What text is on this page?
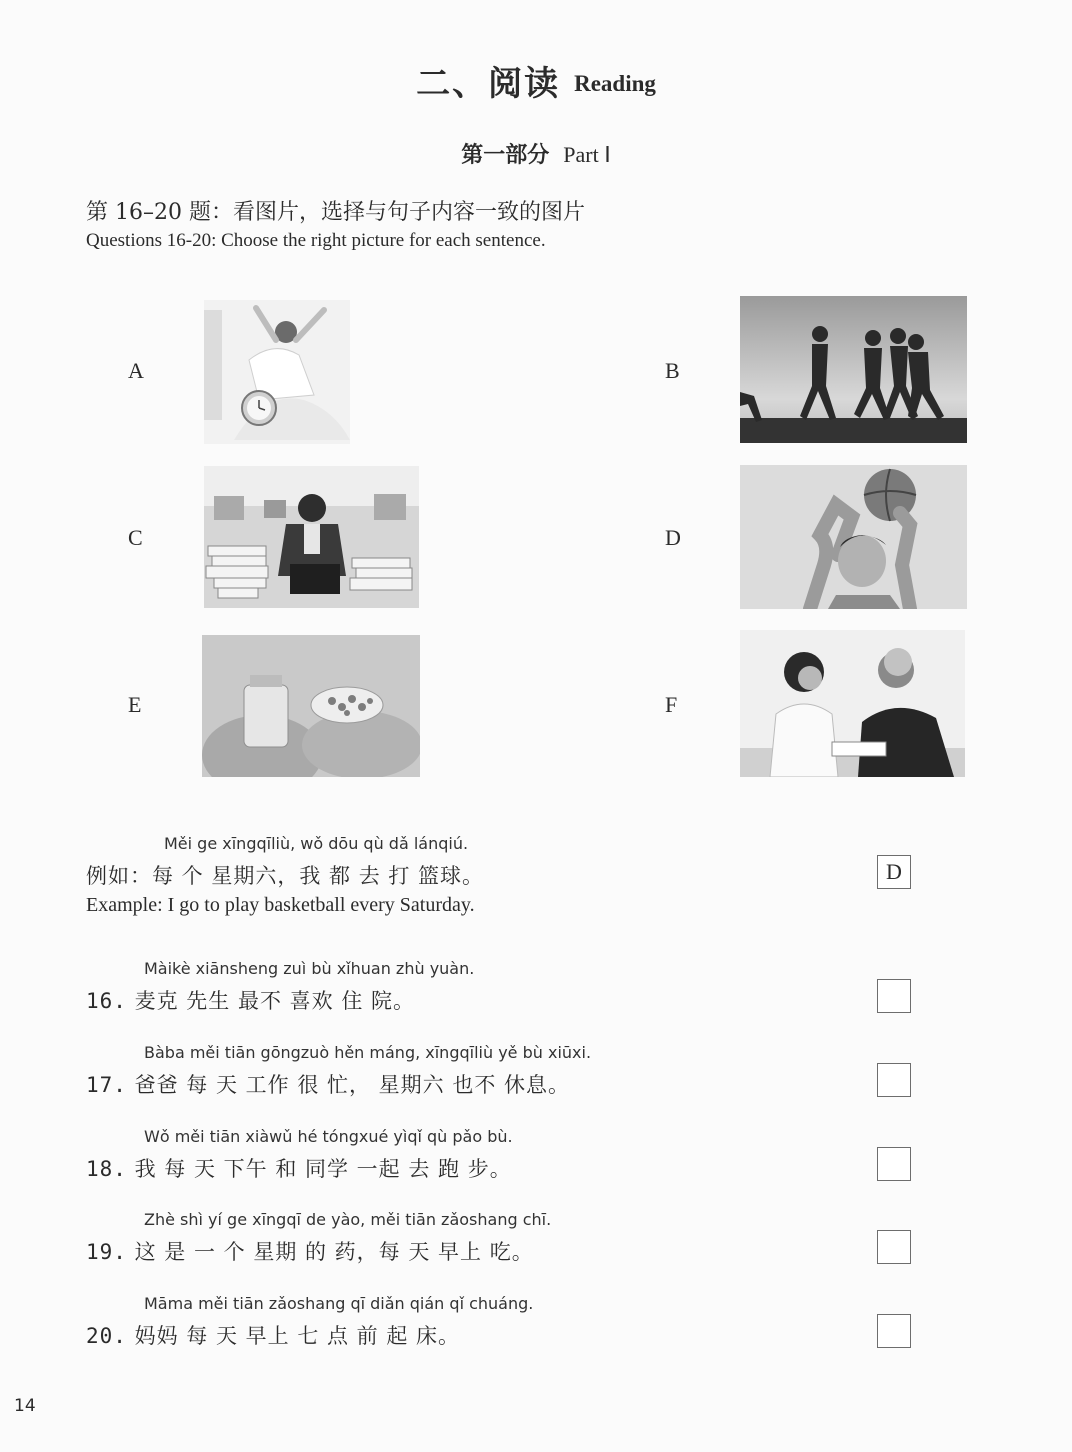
二、阅读 Reading
第一部分 Part Ⅰ
第 16–20 题：看图片，选择与句子内容一致的图片
Questions 16-20: Choose the right picture for each sentence.
A	B
C	D
E	F
Měi ge xīngqīliù, wǒ dōu qù dǎ lánqiú.
例如：每 个 星期六，我 都 去 打 篮球。
Example: I go to play basketball every Saturday.
D
Màikè xiānsheng zuì bù xǐhuan zhù yuàn.
16. 麦克 先生 最不 喜欢 住 院。
Bàba měi tiān gōngzuò hěn máng, xīngqīliù yě bù xiūxi.
17. 爸爸 每 天 工作 很 忙， 星期六 也不 休息。
Wǒ měi tiān xiàwǔ hé tóngxué yìqǐ qù pǎo bù.
18. 我 每 天 下午 和 同学 一起 去 跑 步。
Zhè shì yí ge xīngqī de yào, měi tiān zǎoshang chī.
19. 这 是 一 个 星期 的 药，每 天 早上 吃。
Māma měi tiān zǎoshang qī diǎn qián qǐ chuáng.
20. 妈妈 每 天 早上 七 点 前 起 床。
14
